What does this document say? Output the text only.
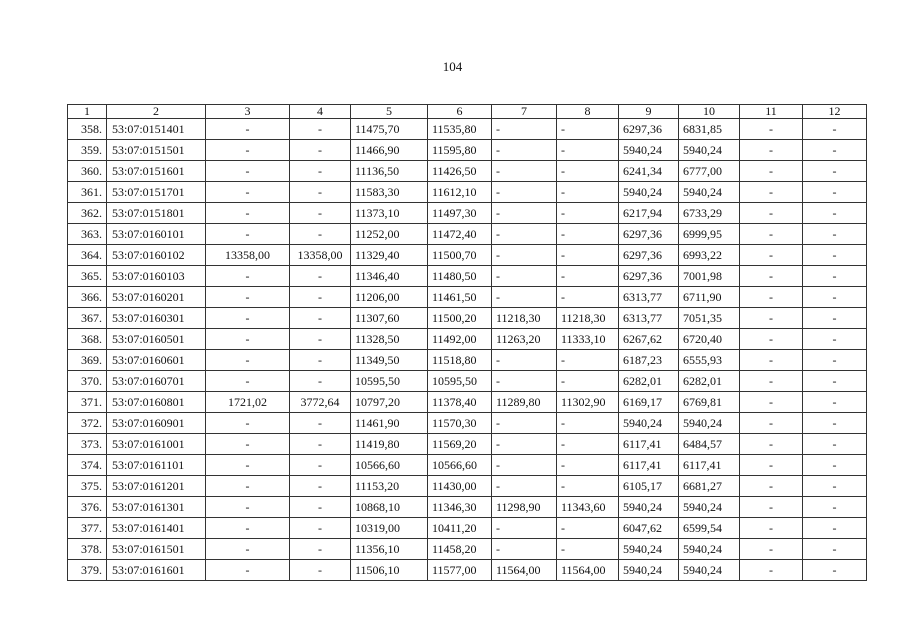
104
1	2	3	4	5	6	7	8	9	10	11	12
358.	53:07:0151401	-	-	11475,70	11535,80	-	-	6297,36	6831,85	-	-
359.	53:07:0151501	-	-	11466,90	11595,80	-	-	5940,24	5940,24	-	-
360.	53:07:0151601	-	-	11136,50	11426,50	-	-	6241,34	6777,00	-	-
361.	53:07:0151701	-	-	11583,30	11612,10	-	-	5940,24	5940,24	-	-
362.	53:07:0151801	-	-	11373,10	11497,30	-	-	6217,94	6733,29	-	-
363.	53:07:0160101	-	-	11252,00	11472,40	-	-	6297,36	6999,95	-	-
364.	53:07:0160102	13358,00	13358,00	11329,40	11500,70	-	-	6297,36	6993,22	-	-
365.	53:07:0160103	-	-	11346,40	11480,50	-	-	6297,36	7001,98	-	-
366.	53:07:0160201	-	-	11206,00	11461,50	-	-	6313,77	6711,90	-	-
367.	53:07:0160301	-	-	11307,60	11500,20	11218,30	11218,30	6313,77	7051,35	-	-
368.	53:07:0160501	-	-	11328,50	11492,00	11263,20	11333,10	6267,62	6720,40	-	-
369.	53:07:0160601	-	-	11349,50	11518,80	-	-	6187,23	6555,93	-	-
370.	53:07:0160701	-	-	10595,50	10595,50	-	-	6282,01	6282,01	-	-
371.	53:07:0160801	1721,02	3772,64	10797,20	11378,40	11289,80	11302,90	6169,17	6769,81	-	-
372.	53:07:0160901	-	-	11461,90	11570,30	-	-	5940,24	5940,24	-	-
373.	53:07:0161001	-	-	11419,80	11569,20	-	-	6117,41	6484,57	-	-
374.	53:07:0161101	-	-	10566,60	10566,60	-	-	6117,41	6117,41	-	-
375.	53:07:0161201	-	-	11153,20	11430,00	-	-	6105,17	6681,27	-	-
376.	53:07:0161301	-	-	10868,10	11346,30	11298,90	11343,60	5940,24	5940,24	-	-
377.	53:07:0161401	-	-	10319,00	10411,20	-	-	6047,62	6599,54	-	-
378.	53:07:0161501	-	-	11356,10	11458,20	-	-	5940,24	5940,24	-	-
379.	53:07:0161601	-	-	11506,10	11577,00	11564,00	11564,00	5940,24	5940,24	-	-
